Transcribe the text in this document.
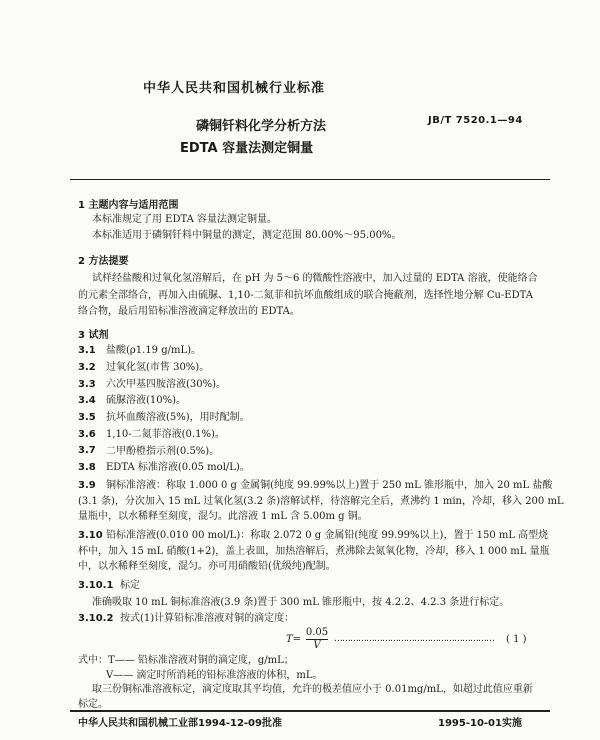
中华人民共和国机械行业标准
磷铜钎料化学分析方法
EDTA 容量法测定铜量
JB/T 7520.1—94
1 主题内容与适用范围
本标准规定了用 EDTA 容量法测定铜量。
本标准适用于磷铜钎料中铜量的测定，测定范围 80.00%～95.00%。
2 方法提要
试样经盐酸和过氧化氢溶解后，在 pH 为 5～6 的微酸性溶液中，加入过量的 EDTA 溶液，使能络合
的元素全部络合，再加入由硫脲、1,10-二氮菲和抗坏血酸组成的联合掩蔽剂，选择性地分解 Cu-EDTA
络合物，最后用铅标准溶液滴定释放出的 EDTA。
3 试剂
3.1 盐酸(ρ1.19 g/mL)。
3.2 过氧化氢(市售 30%)。
3.3 六次甲基四胺溶液(30%)。
3.4 硫脲溶液(10%)。
3.5 抗坏血酸溶液(5%)，用时配制。
3.6 1,10-二氮菲溶液(0.1%)。
3.7 二甲酚橙指示剂(0.5%)。
3.8 EDTA 标准溶液(0.05 mol/L)。
3.9 铜标准溶液：称取 1.000 0 g 金属铜(纯度 99.99%以上)置于 250 mL 锥形瓶中，加入 20 mL 盐酸
(3.1 条)，分次加入 15 mL 过氧化氢(3.2 条)溶解试样，待溶解完全后，煮沸约 1 min，冷却，移入 200 mL
量瓶中，以水稀释至刻度，混匀。此溶液 1 mL 含 5.00m g 铜。
3.10 铅标准溶液(0.010 00 mol/L)：称取 2.072 0 g 金属铅(纯度 99.99%以上)，置于 150 mL 高型烧
杯中，加入 15 mL 硝酸(1+2)，盖上表皿，加热溶解后，煮沸除去氮氧化物，冷却，移入 1 000 mL 量瓶
中，以水稀释至刻度，混匀。亦可用硝酸铅(优级纯)配制。
3.10.1 标定
准确吸取 10 mL 铜标准溶液(3.9 条)置于 300 mL 锥形瓶中，按 4.2.2、4.2.3 条进行标定。
3.10.2 按式(1)计算铅标准溶液对铜的滴定度：
T=
0.05
V
…………………………………………………… ( 1 )
式中：T—— 铅标准溶液对铜的滴定度，g/mL；
V—— 滴定时所消耗的铅标准溶液的体积，mL。
取三份铜标准溶液标定，滴定度取其平均值，允许的极差值应小于 0.01mg/mL，如超过此值应重新
标定。
中华人民共和国机械工业部1994-12-09批准	1995-10-01实施
